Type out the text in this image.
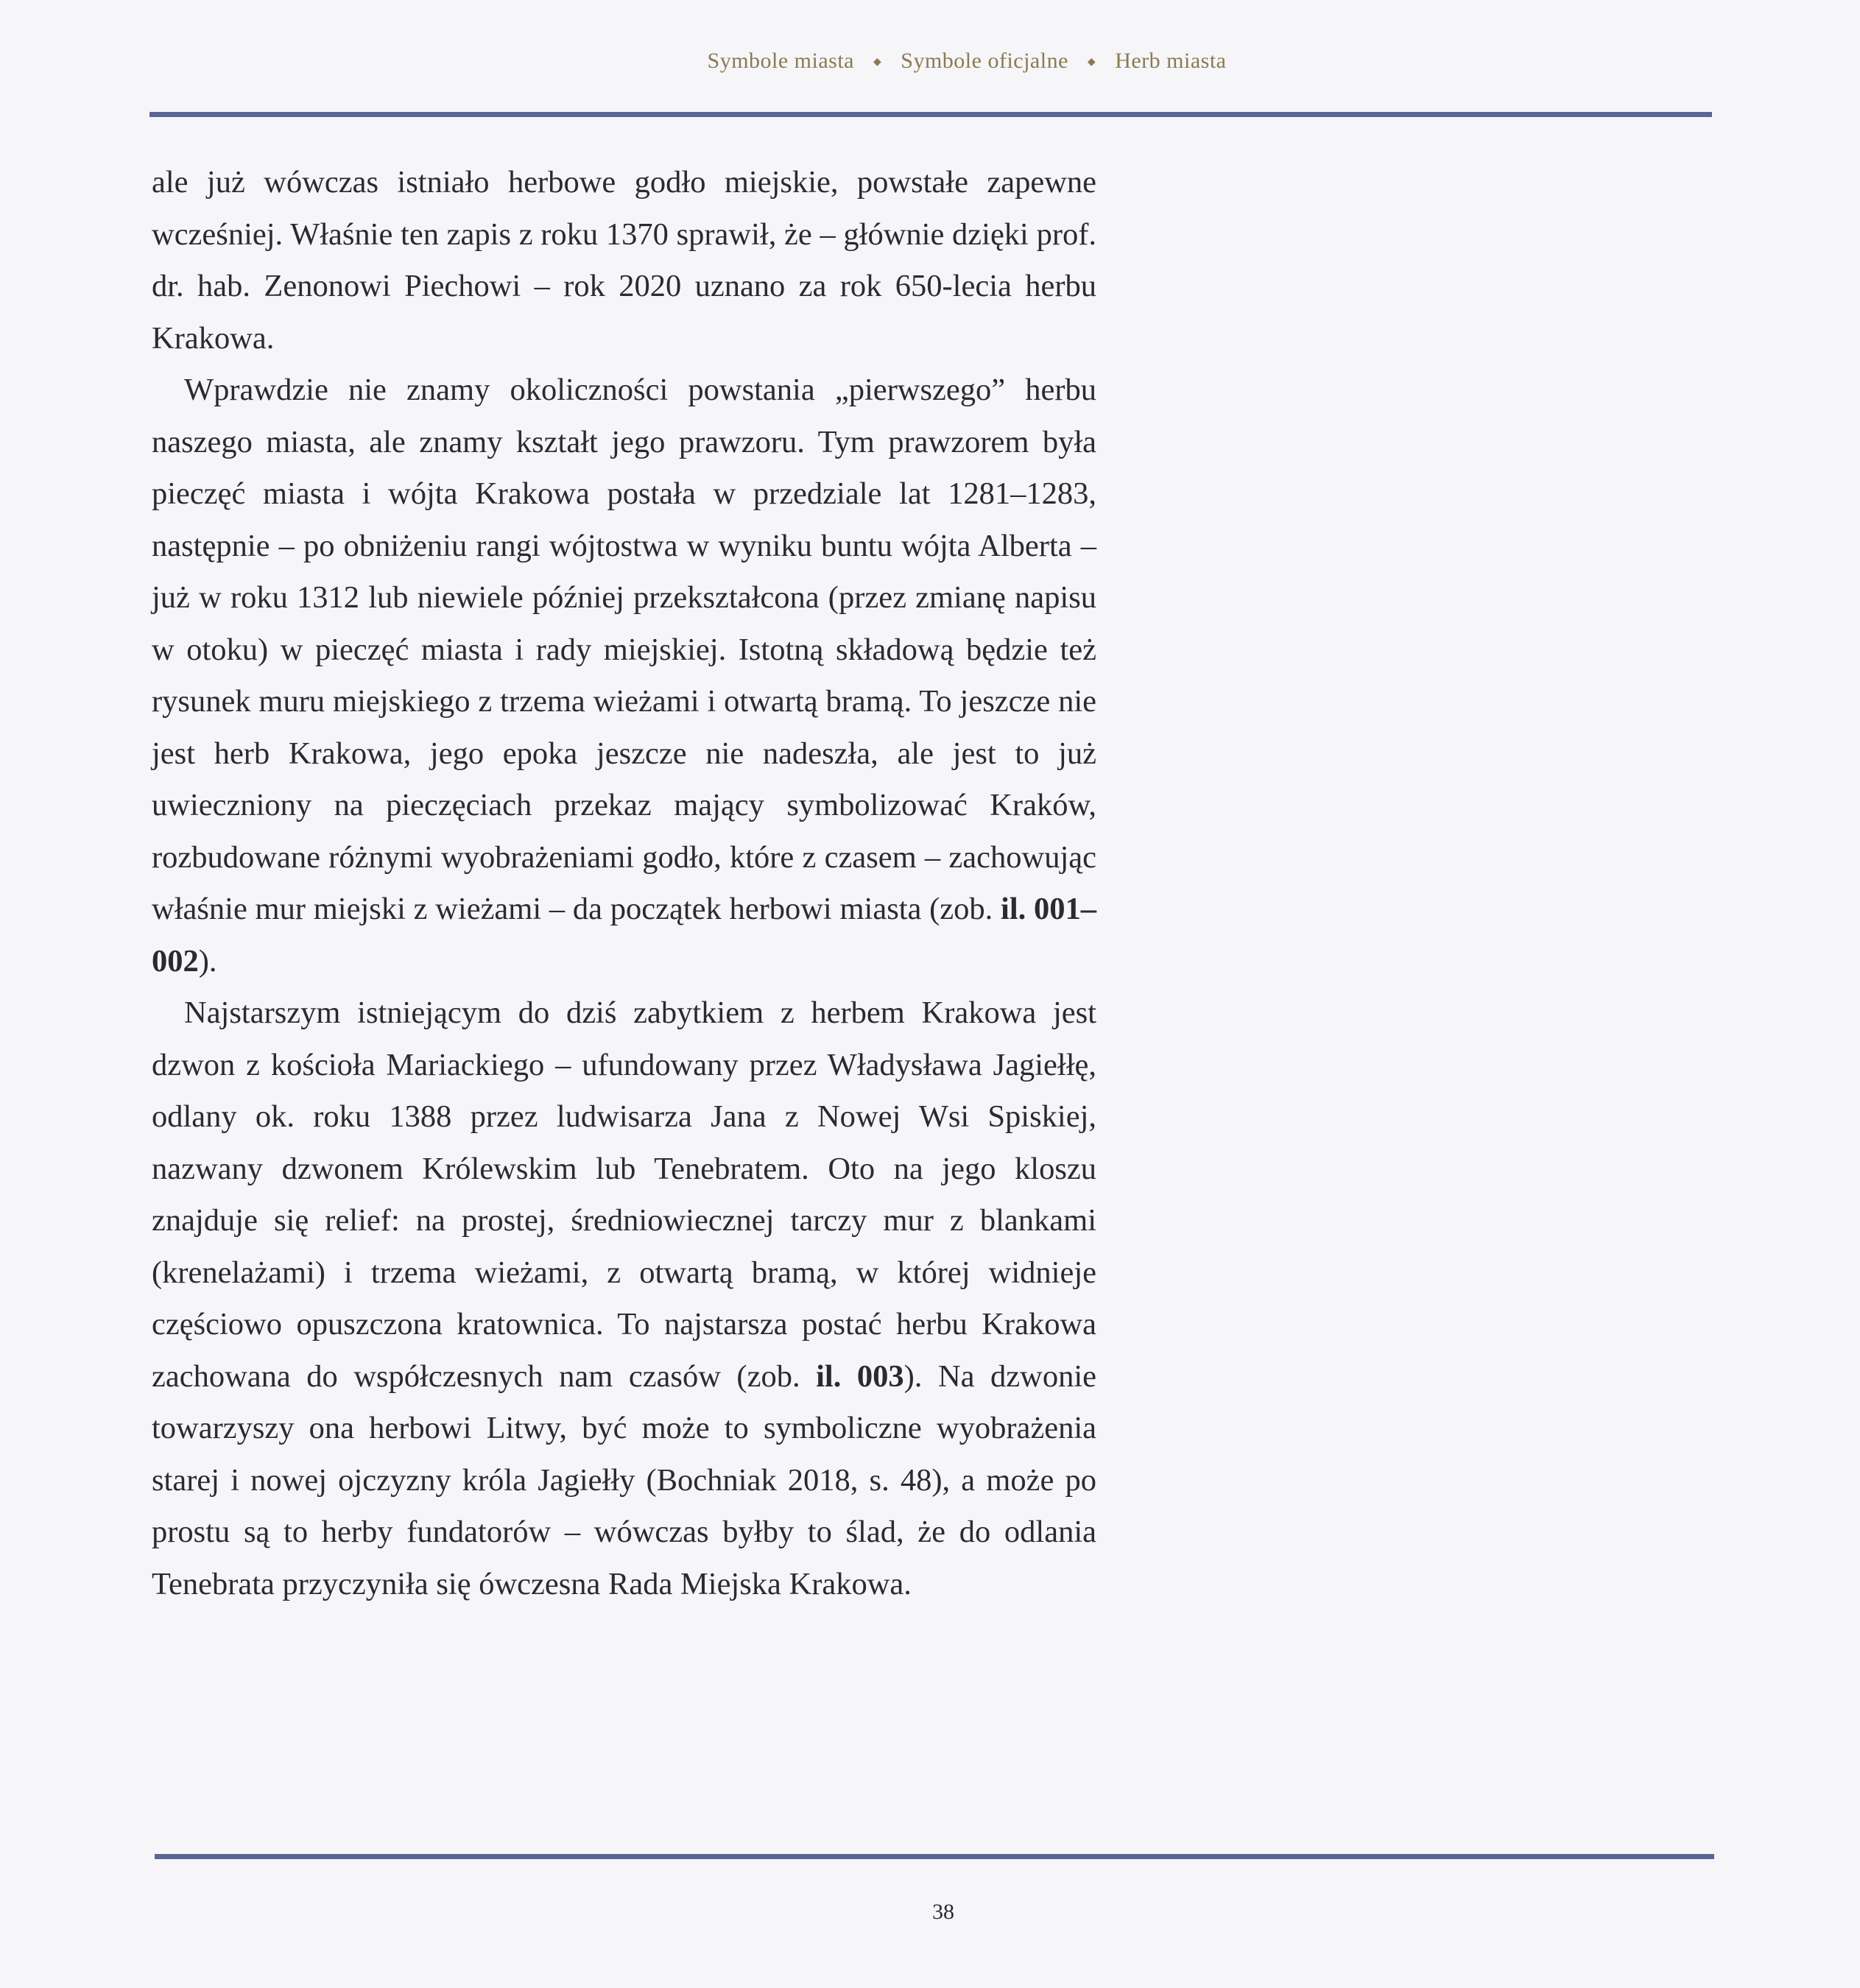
Symbole miasta ◆ Symbole oficjalne ◆ Herb miasta

ale już wówczas istniało herbowe godło miejskie, powstałe zapewne wcześniej. Właśnie ten zapis z roku 1370 sprawił, że – głównie dzięki prof. dr. hab. Zenonowi Piechowi – rok 2020 uznano za rok 650-lecia herbu Krakowa.

Wprawdzie nie znamy okoliczności powstania „pierwszego” herbu naszego miasta, ale znamy kształt jego prawzoru. Tym prawzorem była pieczęć miasta i wójta Krakowa postała w przedziale lat 1281–1283, następnie – po obniżeniu rangi wójtostwa w wyniku buntu wójta Alberta – już w roku 1312 lub niewiele później przekształcona (przez zmianę napisu w otoku) w pieczęć miasta i rady miejskiej. Istotną składową będzie też rysunek muru miejskiego z trzema wieżami i otwartą bramą. To jeszcze nie jest herb Krakowa, jego epoka jeszcze nie nadeszła, ale jest to już uwieczniony na pieczęciach przekaz mający symbolizować Kraków, rozbudowane różnymi wyobrażeniami godło, które z czasem – zachowując właśnie mur miejski z wieżami – da początek herbowi miasta (zob. il. 001–002).

Najstarszym istniejącym do dziś zabytkiem z herbem Krakowa jest dzwon z kościoła Mariackiego – ufundowany przez Władysława Jagiełłę, odlany ok. roku 1388 przez ludwisarza Jana z Nowej Wsi Spiskiej, nazwany dzwonem Królewskim lub Tenebratem. Oto na jego kloszu znajduje się relief: na prostej, średniowiecznej tarczy mur z blankami (krenelażami) i trzema wieżami, z otwartą bramą, w której widnieje częściowo opuszczona kratownica. To najstarsza postać herbu Krakowa zachowana do współczesnych nam czasów (zob. il. 003). Na dzwonie towarzyszy ona herbowi Litwy, być może to symboliczne wyobrażenia starej i nowej ojczyzny króla Jagiełły (Bochniak 2018, s. 48), a może po prostu są to herby fundatorów – wówczas byłby to ślad, że do odlania Tenebrata przyczyniła się ówczesna Rada Miejska Krakowa.

38
